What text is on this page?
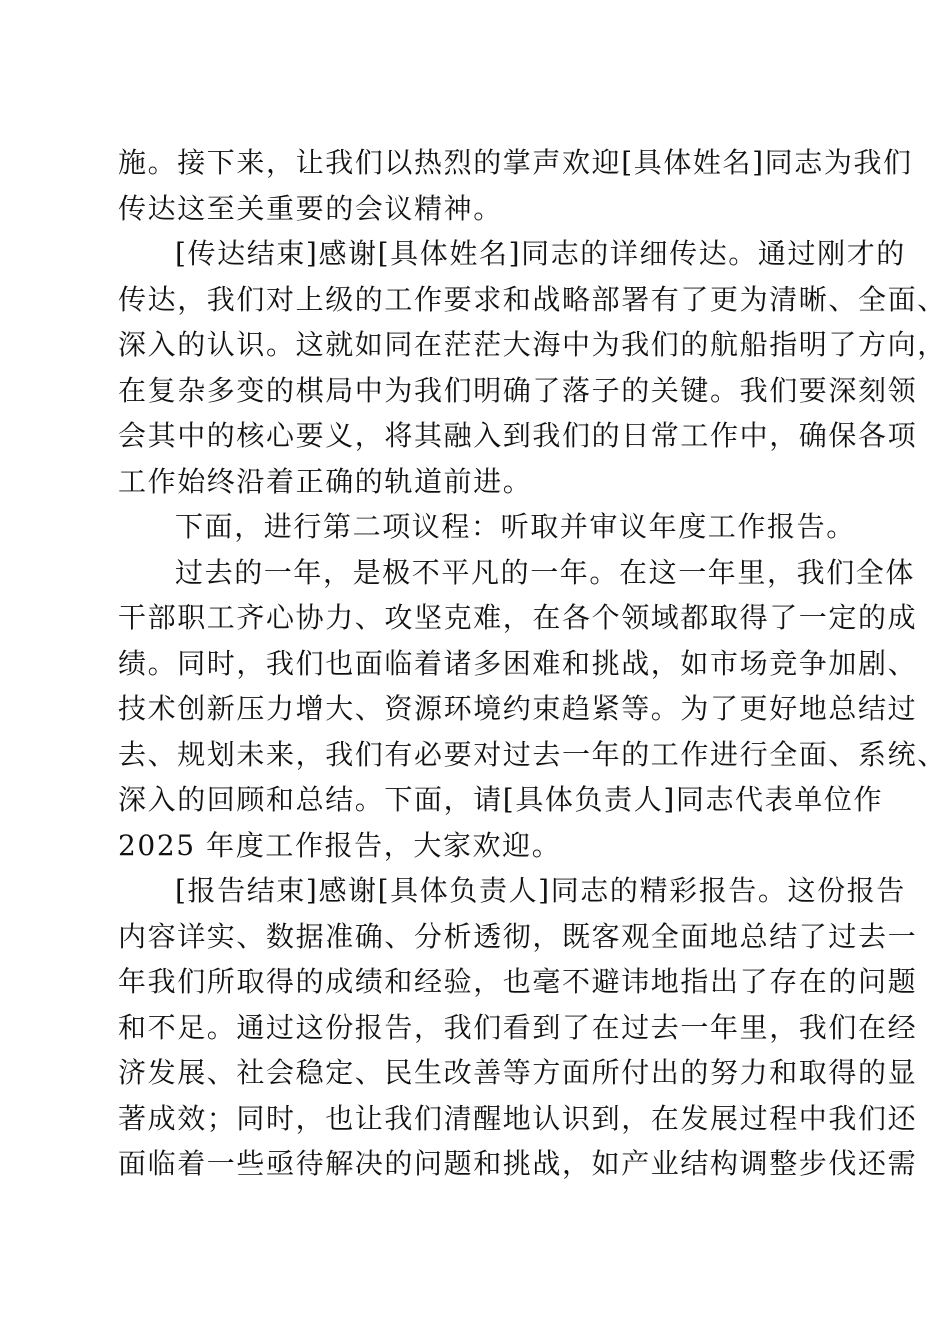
施。接下来，让我们以热烈的掌声欢迎[具体姓名]同志为我们
传达这至关重要的会议精神。
[传达结束]感谢[具体姓名]同志的详细传达。通过刚才的
传达，我们对上级的工作要求和战略部署有了更为清晰、全面、
深入的认识。这就如同在茫茫大海中为我们的航船指明了方向，
在复杂多变的棋局中为我们明确了落子的关键。我们要深刻领
会其中的核心要义，将其融入到我们的日常工作中，确保各项
工作始终沿着正确的轨道前进。
下面，进行第二项议程：听取并审议年度工作报告。
过去的一年，是极不平凡的一年。在这一年里，我们全体
干部职工齐心协力、攻坚克难，在各个领域都取得了一定的成
绩。同时，我们也面临着诸多困难和挑战，如市场竞争加剧、
技术创新压力增大、资源环境约束趋紧等。为了更好地总结过
去、规划未来，我们有必要对过去一年的工作进行全面、系统、
深入的回顾和总结。下面，请[具体负责人]同志代表单位作
2025 年度工作报告，大家欢迎。
[报告结束]感谢[具体负责人]同志的精彩报告。这份报告
内容详实、数据准确、分析透彻，既客观全面地总结了过去一
年我们所取得的成绩和经验，也毫不避讳地指出了存在的问题
和不足。通过这份报告，我们看到了在过去一年里，我们在经
济发展、社会稳定、民生改善等方面所付出的努力和取得的显
著成效；同时，也让我们清醒地认识到，在发展过程中我们还
面临着一些亟待解决的问题和挑战，如产业结构调整步伐还需
